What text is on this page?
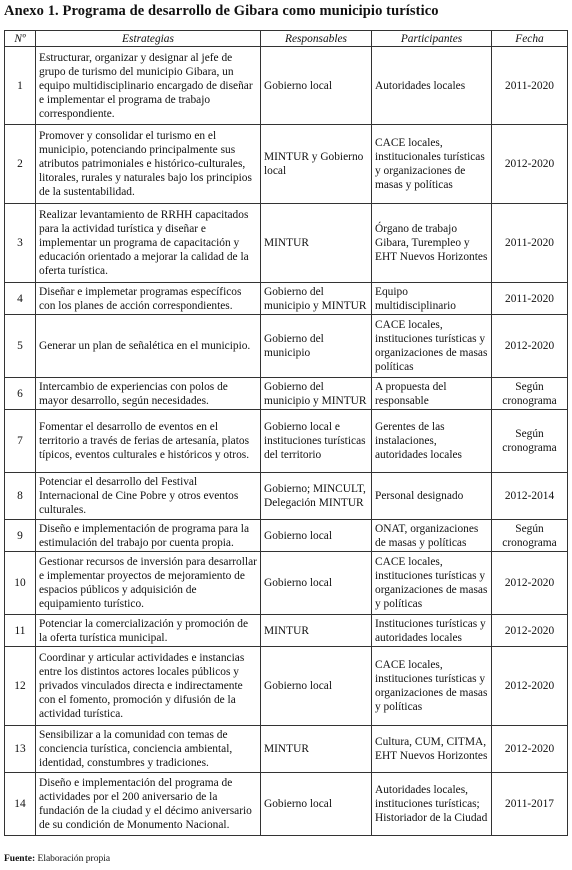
Anexo 1. Programa de desarrollo de Gibara como municipio turístico
Nº	Estrategias	Responsables	Participantes	Fecha
1	Estructurar, organizar y designar al jefe de grupo de turismo del municipio Gibara, un equipo multidisciplinario encargado de diseñar e implementar el programa de trabajo correspondiente.	Gobierno local	Autoridades locales	2011-2020
2	Promover y consolidar el turismo en el municipio, potenciando principalmente sus atributos patrimoniales e histórico-culturales, litorales, rurales y naturales bajo los principios de la sustentabilidad.	MINTUR y Gobierno local	CACE locales, institucionales turísticas y organizaciones de masas y políticas	2012-2020
3	Realizar levantamiento de RRHH capacitados para la actividad turística y diseñar e implementar un programa de capacitación y educación orientado a mejorar la calidad de la oferta turística.	MINTUR	Órgano de trabajo Gibara, Turempleo y EHT Nuevos Horizontes	2011-2020
4	Diseñar e implemetar programas específicos con los planes de acción correspondientes.	Gobierno del municipio y MINTUR	Equipo multidisciplinario	2011-2020
5	Generar un plan de señalética en el municipio.	Gobierno del municipio	CACE locales, instituciones turísticas y organizaciones de masas políticas	2012-2020
6	Intercambio de experiencias con polos de mayor desarrollo, según necesidades.	Gobierno del municipio y MINTUR	A propuesta del responsable	Según cronograma
7	Fomentar el desarrollo de eventos en el territorio a través de ferias de artesanía, platos típicos, eventos culturales e históricos y otros.	Gobierno local e instituciones turísticas del territorio	Gerentes de las instalaciones, autoridades locales	Según cronograma
8	Potenciar el desarrollo del Festival Internacional de Cine Pobre y otros eventos culturales.	Gobierno; MINCULT, Delegación MINTUR	Personal designado	2012-2014
9	Diseño e implementación de programa para la estimulación del trabajo por cuenta propia.	Gobierno local	ONAT, organizaciones de masas y políticas	Según cronograma
10	Gestionar recursos de inversión para desarrollar e implementar proyectos de mejoramiento de espacios públicos y adquisición de equipamiento turístico.	Gobierno local	CACE locales, instituciones turísticas y organizaciones de masas y políticas	2012-2020
11	Potenciar la comercialización y promoción de la oferta turística municipal.	MINTUR	Instituciones turísticas y autoridades locales	2012-2020
12	Coordinar y articular actividades e instancias entre los distintos actores locales públicos y privados vinculados directa e indirectamente con el fomento, promoción y difusión de la actividad turística.	Gobierno local	CACE locales, instituciones turísticas y organizaciones de masas y políticas	2012-2020
13	Sensibilizar a la comunidad con temas de conciencia turística, conciencia ambiental, identidad, constumbres y tradiciones.	MINTUR	Cultura, CUM, CITMA, EHT Nuevos Horizontes	2012-2020
14	Diseño e implementación del programa de actividades por el 200 aniversario de la fundación de la ciudad y el décimo aniversario de su condición de Monumento Nacional.	Gobierno local	Autoridades locales, instituciones turísticas; Historiador de la Ciudad	2011-2017
Fuente: Elaboración propia
